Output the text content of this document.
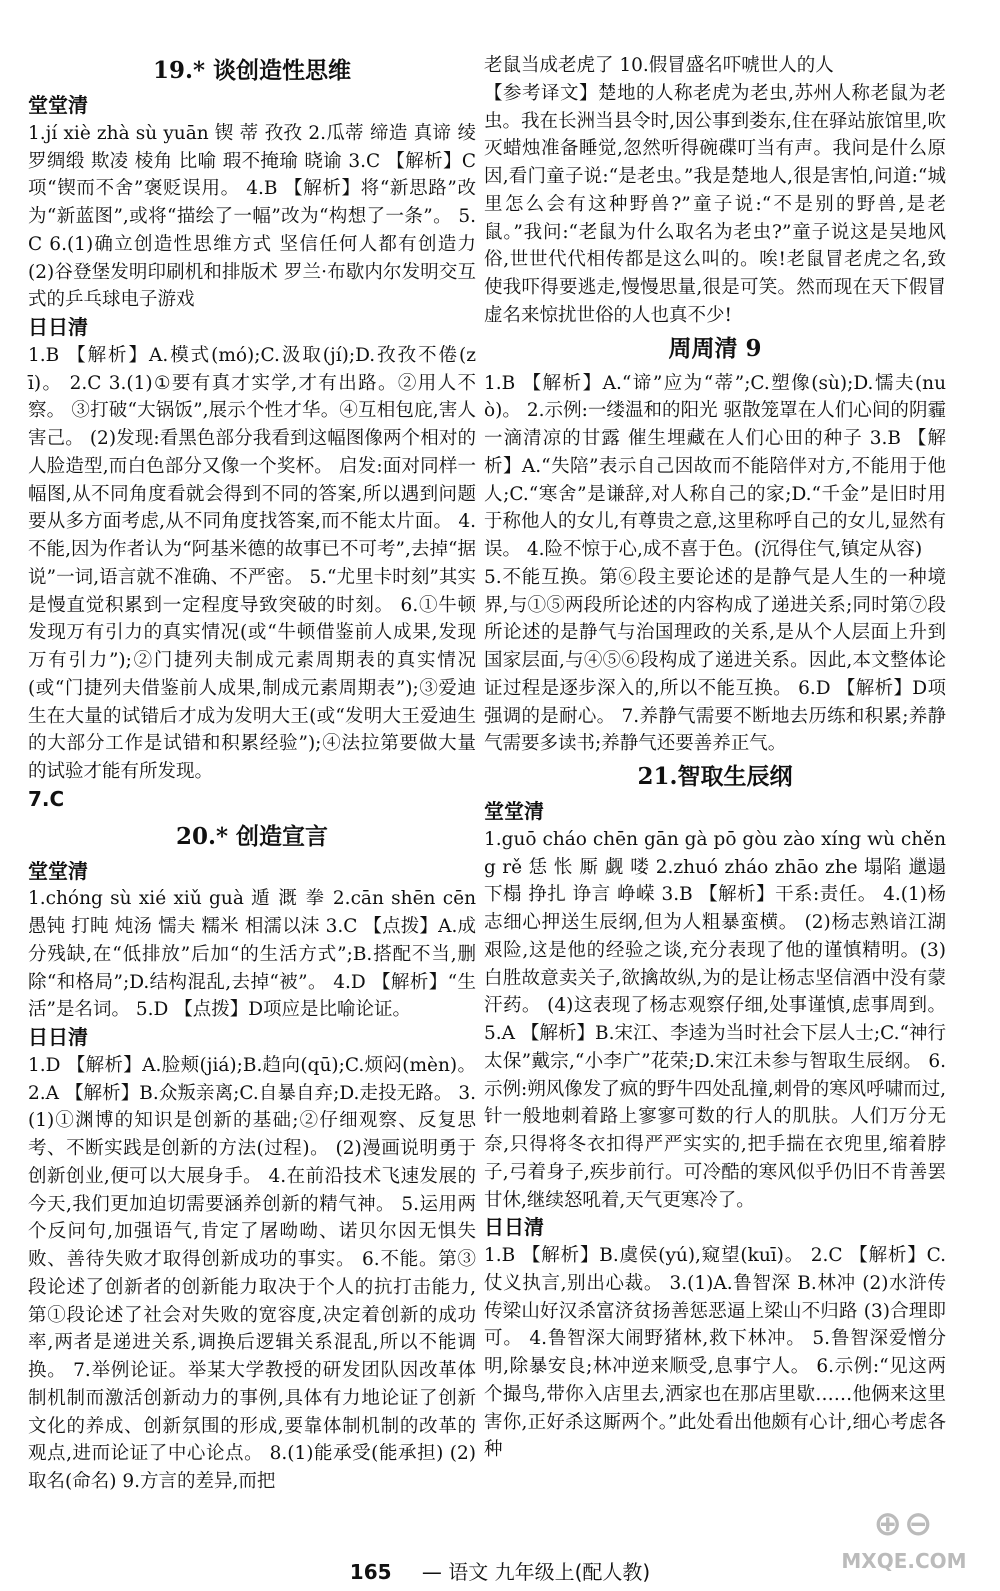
19.* 谈创造性思维
堂堂清

1.jí xiè zhà sù yuān 锲 蒂 孜孜 2.瓜蒂 缔造 真谛 绫罗绸缎 欺凌 棱角 比喻 瑕不掩瑜 晓谕 3.C 【解析】C项“锲而不舍”褒贬误用。 4.B 【解析】将“新思路”改为“新蓝图”,或将“描绘了一幅”改为“构想了一条”。 5.C 6.(1)确立创造性思维方式 坚信任何人都有创造力 (2)谷登堡发明印刷机和排版术 罗兰·布歇内尔发明交互式的乒乓球电子游戏

日日清

1.B 【解析】A.模式(mó);C.汲取(jí);D.孜孜不倦(zī)。 2.C 3.(1)①要有真才实学,才有出路。②用人不察。 ③打破“大锅饭”,展示个性才华。④互相包庇,害人害己。 (2)发现:看黑色部分我看到这幅图像两个相对的人脸造型,而白色部分又像一个奖杯。 启发:面对同样一幅图,从不同角度看就会得到不同的答案,所以遇到问题要从多方面考虑,从不同角度找答案,而不能太片面。 4.不能,因为作者认为“阿基米德的故事已不可考”,去掉“据说”一词,语言就不准确、不严密。 5.“尤里卡时刻”其实是慢直觉积累到一定程度导致突破的时刻。 6.①牛顿发现万有引力的真实情况(或“牛顿借鉴前人成果,发现万有引力”);②门捷列夫制成元素周期表的真实情况(或“门捷列夫借鉴前人成果,制成元素周期表”);③爱迪生在大量的试错后才成为发明大王(或“发明大王爱迪生的大部分工作是试错和积累经验”);④法拉第要做大量的试验才能有所发现。

7.C

20.* 创造宣言
堂堂清

1.chóng sù xié xiǔ guà 遁 溉 拳 2.cān shēn cēn 愚钝 打盹 炖汤 懦夫 糯米 相濡以沫 3.C 【点拨】A.成分残缺,在“低排放”后加“的生活方式”;B.搭配不当,删除“和格局”;D.结构混乱,去掉“被”。 4.D 【解析】“生活”是名词。 5.D 【点拨】D项应是比喻论证。

日日清

1.D 【解析】A.脸颊(jiá);B.趋向(qū);C.烦闷(mèn)。 2.A 【解析】B.众叛亲离;C.自暴自弃;D.走投无路。 3.(1)①渊博的知识是创新的基础;②仔细观察、反复思考、不断实践是创新的方法(过程)。 (2)漫画说明勇于创新创业,便可以大展身手。 4.在前沿技术飞速发展的今天,我们更加迫切需要涵养创新的精气神。 5.运用两个反问句,加强语气,肯定了屠呦呦、诺贝尔因无惧失败、善待失败才取得创新成功的事实。 6.不能。第③段论述了创新者的创新能力取决于个人的抗打击能力,第①段论述了社会对失败的宽容度,决定着创新的成功率,两者是递进关系,调换后逻辑关系混乱,所以不能调换。 7.举例论证。举某大学教授的研发团队因改革体制机制而激活创新动力的事例,具体有力地论证了创新文化的养成、创新氛围的形成,要靠体制机制的改革的观点,进而论证了中心论点。 8.(1)能承受(能承担) (2)取名(命名) 9.方言的差异,而把

老鼠当成老虎了 10.假冒盛名吓唬世人的人

【参考译文】楚地的人称老虎为老虫,苏州人称老鼠为老虫。我在长洲当县令时,因公事到娄东,住在驿站旅馆里,吹灭蜡烛准备睡觉,忽然听得碗碟叮当有声。我问是什么原因,看门童子说:“是老虫。”我是楚地人,很是害怕,问道:“城里怎么会有这种野兽?”童子说:“不是别的野兽,是老鼠。”我问:“老鼠为什么取名为老虫?”童子说这是吴地风俗,世世代代相传都是这么叫的。唉!老鼠冒老虎之名,致使我吓得要逃走,慢慢思量,很是可笑。然而现在天下假冒虚名来惊扰世俗的人也真不少!

周周清 9

1.B 【解析】A.“谛”应为“蒂”;C.塑像(sù);D.懦夫(nuò)。 2.示例:一缕温和的阳光 驱散笼罩在人们心间的阴霾 一滴清凉的甘露 催生埋藏在人们心田的种子 3.B 【解析】A.“失陪”表示自己因故而不能陪伴对方,不能用于他人;C.“寒舍”是谦辞,对人称自己的家;D.“千金”是旧时用于称他人的女儿,有尊贵之意,这里称呼自己的女儿,显然有误。 4.险不惊于心,成不喜于色。(沉得住气,镇定从容)

5.不能互换。第⑥段主要论述的是静气是人生的一种境界,与①⑤两段所论述的内容构成了递进关系;同时第⑦段所论述的是静气与治国理政的关系,是从个人层面上升到国家层面,与④⑤⑥段构成了递进关系。因此,本文整体论证过程是逐步深入的,所以不能互换。 6.D 【解析】D项强调的是耐心。 7.养静气需要不断地去历练和积累;养静气需要多读书;养静气还要善养正气。

21.智取生辰纲
堂堂清

1.guō cháo chēn gān gà pō gòu zào xíng wù chěng rě 恁 怅 厮 觑 喽 2.zhuó zháo zhāo zhe 塌陷 邋遢 下榻 挣扎 诤言 峥嵘 3.B 【解析】干系:责任。 4.(1)杨志细心押送生辰纲,但为人粗暴蛮横。 (2)杨志熟谙江湖艰险,这是他的经验之谈,充分表现了他的谨慎精明。(3)白胜故意卖关子,欲擒故纵,为的是让杨志坚信酒中没有蒙汗药。 (4)这表现了杨志观察仔细,处事谨慎,虑事周到。 5.A 【解析】B.宋江、李逵为当时社会下层人士;C.“神行太保”戴宗,“小李广”花荣;D.宋江未参与智取生辰纲。 6.示例:朔风像发了疯的野牛四处乱撞,刺骨的寒风呼啸而过,针一般地刺着路上寥寥可数的行人的肌肤。人们万分无奈,只得将冬衣扣得严严实实的,把手揣在衣兜里,缩着脖子,弓着身子,疾步前行。可冷酷的寒风似乎仍旧不肯善罢甘休,继续怒吼着,天气更寒冷了。

日日清

1.B 【解析】B.虞侯(yú),窥望(kuī)。 2.C 【解析】C.仗义执言,别出心裁。 3.(1)A.鲁智深 B.林冲 (2)水浒传 传梁山好汉杀富济贫扬善惩恶逼上梁山不归路 (3)合理即可。 4.鲁智深大闹野猪林,救下林冲。 5.鲁智深爱憎分明,除暴安良;林冲逆来顺受,息事宁人。 6.示例:“见这两个撮鸟,带你入店里去,洒家也在那店里歇……他俩来这里害你,正好杀这厮两个。”此处看出他颇有心计,细心考虑各种

165 — 语文 九年级上(配人教)
⊕⊖
MXQE.COM
